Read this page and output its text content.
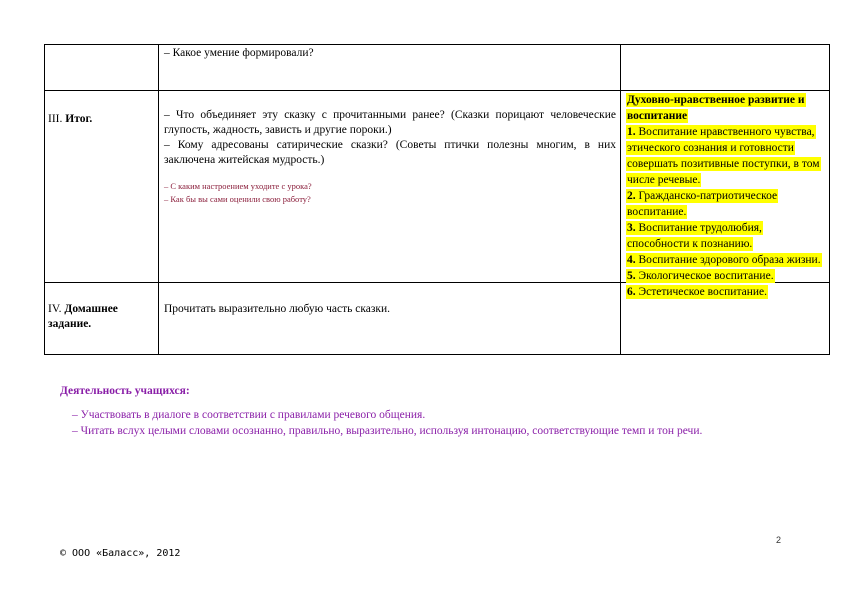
– Какое умение формировали?
III. Итог.	– Что объединяет эту сказку с прочитанными ранее? (Сказки порицают человеческие глупость, жадность, зависть и другие пороки.)
– Кому адресованы сатирические сказки? (Советы птички полезны многим, в них заключена житейская мудрость.)
– С каким настроением уходите с урока?
– Как бы вы сами оценили свою работу?
IV. Домашнее задание.
Прочитать выразительно любую часть сказки.
Духовно-нравственное развитие и воспитание
1. Воспитание нравственного чувства, этического сознания и готовности совершать позитивные поступки, в том числе речевые.
2. Гражданско-патриотическое воспитание.
3. Воспитание трудолюбия, способности к познанию.
4. Воспитание здорового образа жизни.
5. Экологическое воспитание.
6. Эстетическое воспитание.
Деятельность учащихся:
– Участвовать в диалоге в соответствии с правилами речевого общения.
– Читать вслух целыми словами осознанно, правильно, выразительно, используя интонацию, соответствующие темп и тон речи.
2
© ООО «Баласс», 2012
